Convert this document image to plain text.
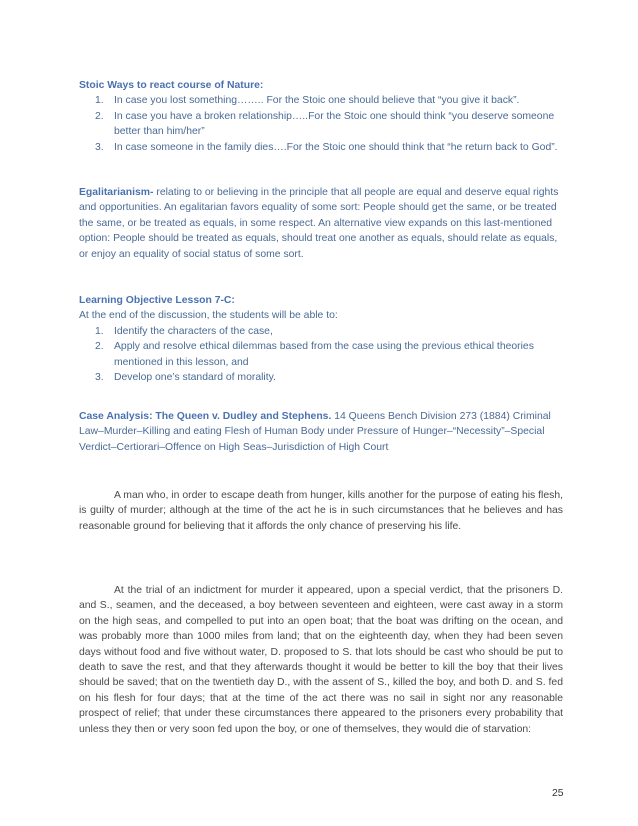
Stoic Ways to react course of Nature:
1. In case you lost something…….. For the Stoic one should believe that “you give it back”.
2. In case you have a broken relationship…..For the Stoic one should think “you deserve someone better than him/her”
3. In case someone in the family dies….For the Stoic one should think that “he return back to God”.
Egalitarianism- relating to or believing in the principle that all people are equal and deserve equal rights and opportunities. An egalitarian favors equality of some sort: People should get the same, or be treated the same, or be treated as equals, in some respect. An alternative view expands on this last-mentioned option: People should be treated as equals, should treat one another as equals, should relate as equals, or enjoy an equality of social status of some sort.
Learning Objective Lesson 7-C:
At the end of the discussion, the students will be able to:
1. Identify the characters of the case,
2. Apply and resolve ethical dilemmas based from the case using the previous ethical theories mentioned in this lesson, and
3. Develop one’s standard of morality.
Case Analysis: The Queen v. Dudley and Stephens. 14 Queens Bench Division 273 (1884) Criminal Law–Murder–Killing and eating Flesh of Human Body under Pressure of Hunger–“Necessity”–Special Verdict–Certiorari–Offence on High Seas–Jurisdiction of High Court

A man who, in order to escape death from hunger, kills another for the purpose of eating his flesh, is guilty of murder; although at the time of the act he is in such circumstances that he believes and has reasonable ground for believing that it affords the only chance of preserving his life.

At the trial of an indictment for murder it appeared, upon a special verdict, that the prisoners D. and S., seamen, and the deceased, a boy between seventeen and eighteen, were cast away in a storm on the high seas, and compelled to put into an open boat; that the boat was drifting on the ocean, and was probably more than 1000 miles from land; that on the eighteenth day, when they had been seven days without food and five without water, D. proposed to S. that lots should be cast who should be put to death to save the rest, and that they afterwards thought it would be better to kill the boy that their lives should be saved; that on the twentieth day D., with the assent of S., killed the boy, and both D. and S. fed on his flesh for four days; that at the time of the act there was no sail in sight nor any reasonable prospect of relief; that under these circumstances there appeared to the prisoners every probability that unless they then or very soon fed upon the boy, or one of themselves, they would die of starvation:

25
